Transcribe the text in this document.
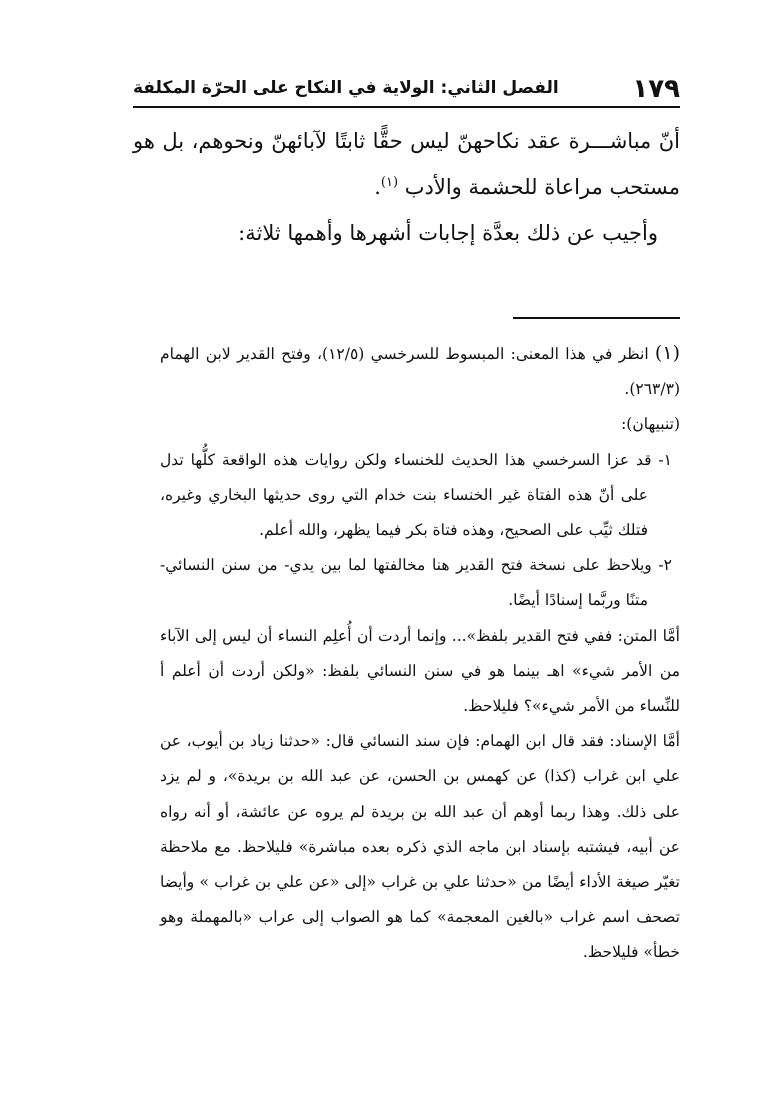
١٧٩
الفصل الثاني: الولاية في النكاح على الحرّة المكلفة

أنّ مباشـــرة عقد نكاحهنّ ليس حقًّا ثابتًا لآبائهنّ ونحوهم، بل هو مستحب مراعاة للحشمة والأدب $^{(١)}$.

وأجيب عن ذلك بعدَّة إجابات أشهرها وأهمها ثلاثة:

(١) انظر في هذا المعنى: المبسوط للسرخسي (١٢/٥)، وفتح القدير لابن الهمام (٢٦٣/٣).

(تنبيهان):

١- قد عزا السرخسي هذا الحديث للخنساء ولكن روايات هذه الواقعة كلُّها تدل على أنّ هذه الفتاة غير الخنساء بنت خدام التي روى حديثها البخاري وغيره، فتلك ثيِّب على الصحيح، وهذه فتاة بكر فيما يظهر، والله أعلم.

٢- ويلاحظ على نسخة فتح القدير هنا مخالفتها لما بين يدي- من سنن النسائي- متنًا وربَّما إسنادًا أيضًا.

أمَّا المتن: ففي فتح القدير بلفظ»... وإنما أردت أن أُعلِم النساء أن ليس إلى الآباء من الأمر شيء» اهـ بينما هو في سنن النسائي بلفظ: «ولكن أردت أن أعلم أ للنِّساء من الأمر شيء»؟ فليلاحظ.

أمَّا الإسناد: فقد قال ابن الهمام: فإن سند النسائي قال: «حدثنا زياد بن أيوب، عن علي ابن غراب (كذا) عن كهمس بن الحسن، عن عبد الله بن بريدة»، و لم يزد على ذلك. وهذا ربما أوهم أن عبد الله بن بريدة لم يروه عن عائشة، أو أنه رواه عن أبيه، فيشتبه بإسناد ابن ماجه الذي ذكره بعده مباشرة» فليلاحظ. مع ملاحظة تغيّر صيغة الأداء أيضًا من «حدثنا علي بن غراب «إلى «عن علي بن غراب » وأيضا تصحف اسم غراب «بالغين المعجمة» كما هو الصواب إلى عراب «بالمهملة وهو خطأ» فليلاحظ.
